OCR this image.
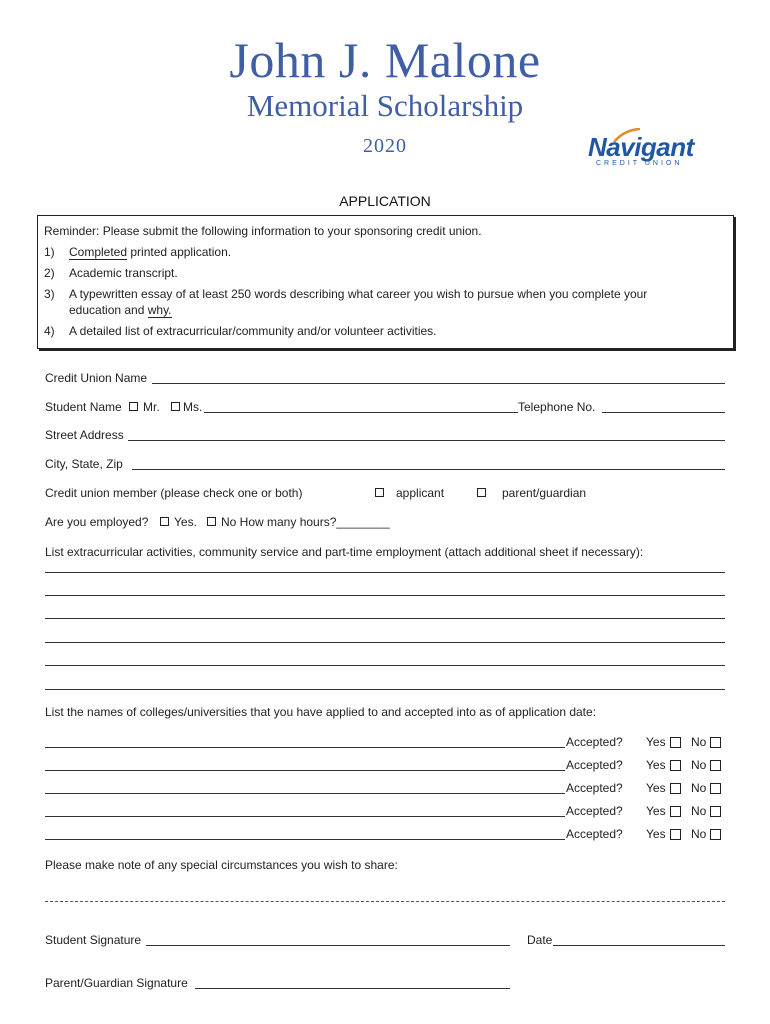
John J. Malone
Memorial Scholarship
2020	Navigant
CREDIT UNION
APPLICATION
Reminder: Please submit the following information to your sponsoring credit union.
1) Completed printed application.
2) Academic transcript.
3) A typewritten essay of at least 250 words describing what career you wish to pursue when you complete your
education and why.
4) A detailed list of extracurricular/community and/or volunteer activities.
Credit Union Name
Student Name Mr. Ms.	Telephone No.
Street Address
City, State, Zip
Credit union member (please check one or both)	applicant	parent/guardian
Are you employed? Yes. No How many hours?________
List extracurricular activities, community service and part-time employment (attach additional sheet if necessary):
List the names of colleges/universities that you have applied to and accepted into as of application date:
Accepted? Yes No
Accepted? Yes No
Accepted? Yes No
Accepted? Yes No
Accepted? Yes No
Please make note of any special circumstances you wish to share:
Student Signature	Date
Parent/Guardian Signature
